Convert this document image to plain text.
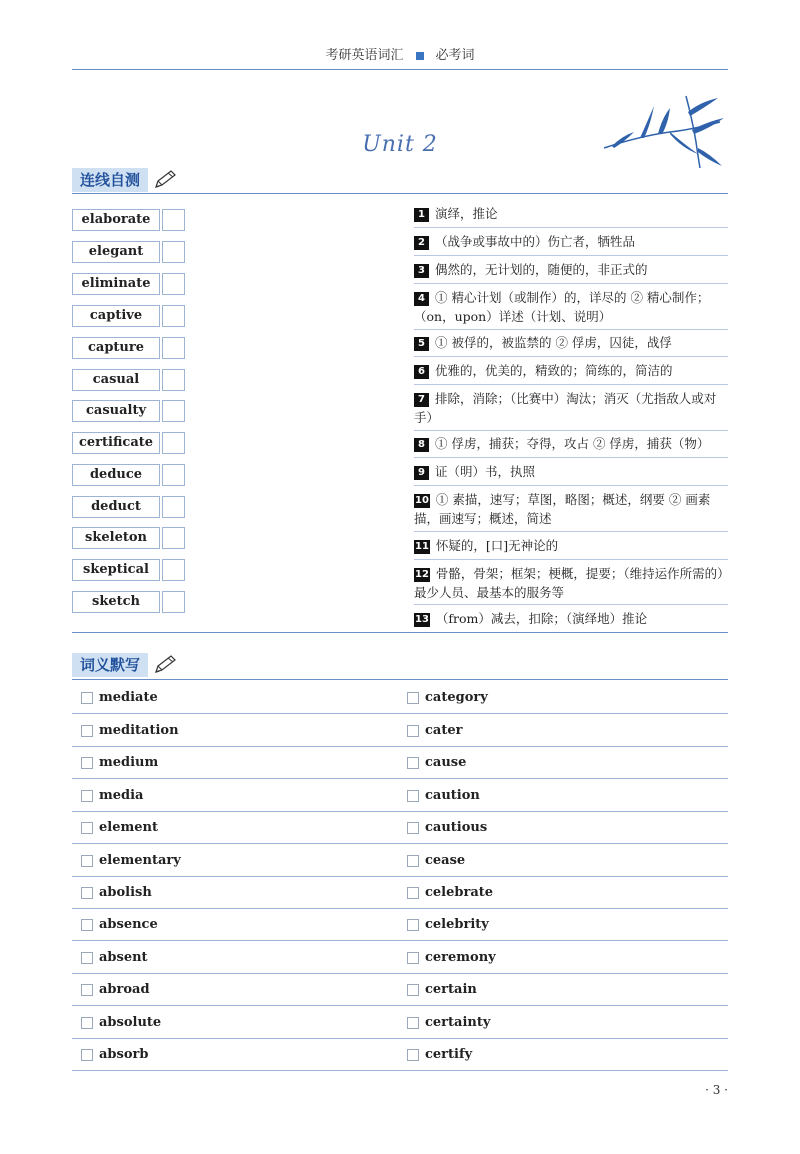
考研英语词汇 必考词
Unit 2
连线自测
elaborate
elegant
eliminate
captive
capture
casual
casualty
certificate
deduce
deduct
skeleton
skeptical
sketch
1 演绎，推论
2 （战争或事故中的）伤亡者，牺牲品
3 偶然的，无计划的，随便的，非正式的
4 ① 精心计划（或制作）的，详尽的 ② 精心制作；（on，upon）详述（计划、说明）
5 ① 被俘的，被监禁的 ② 俘虏，囚徒，战俘
6 优雅的，优美的，精致的；简练的，简洁的
7 排除，消除；（比赛中）淘汰；消灭（尤指敌人或对手）
8 ① 俘虏，捕获；夺得，攻占 ② 俘虏，捕获（物）
9 证（明）书，执照
10 ① 素描，速写；草图，略图；概述，纲要 ② 画素描，画速写；概述，简述
11 怀疑的，[口]无神论的
12 骨骼，骨架；框架；梗概，提要；（维持运作所需的）最少人员、最基本的服务等
13 （from）减去，扣除；（演绎地）推论
词义默写
mediate	category
meditation	cater
medium	cause
media	caution
element	cautious
elementary	cease
abolish	celebrate
absence	celebrity
absent	ceremony
abroad	certain
absolute	certainty
absorb	certify
· 3 ·
